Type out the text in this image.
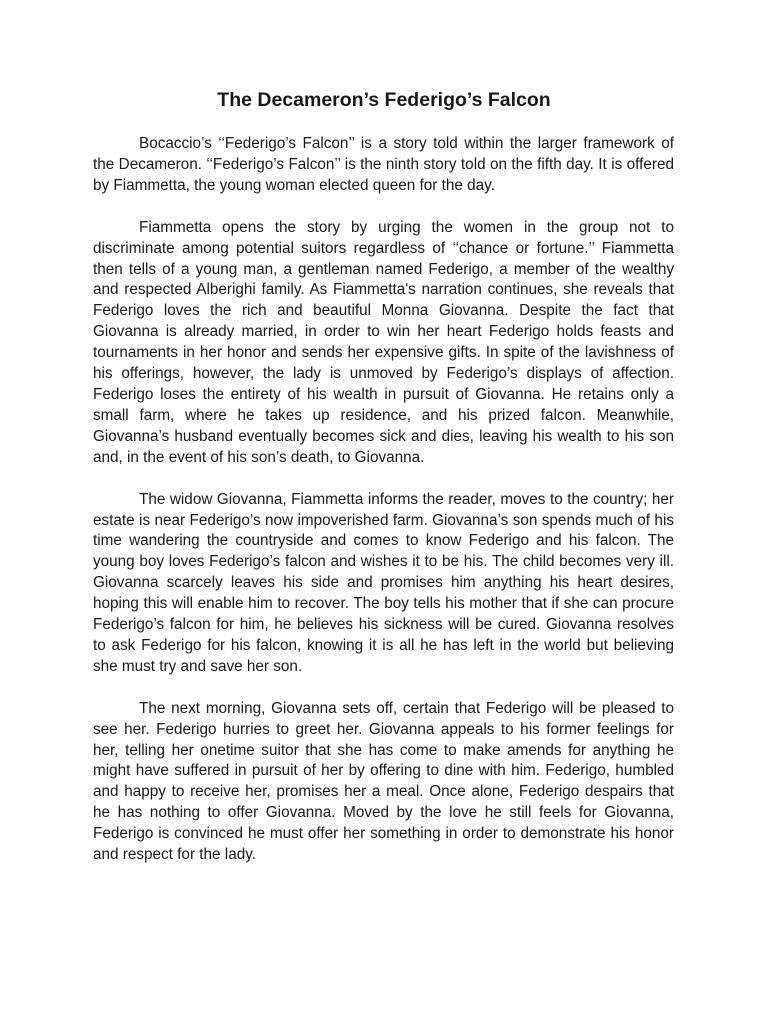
The Decameron’s Federigo’s Falcon

Bocaccio’s ‘‘Federigo’s Falcon’’ is a story told within the larger framework of the Decameron. ‘‘Federigo’s Falcon’’ is the ninth story told on the fifth day. It is offered by Fiammetta, the young woman elected queen for the day.

Fiammetta opens the story by urging the women in the group not to discriminate among potential suitors regardless of ‘‘chance or fortune.’’ Fiammetta then tells of a young man, a gentleman named Federigo, a member of the wealthy and respected Alberighi family. As Fiammetta's narration continues, she reveals that Federigo loves the rich and beautiful Monna Giovanna. Despite the fact that Giovanna is already married, in order to win her heart Federigo holds feasts and tournaments in her honor and sends her expensive gifts. In spite of the lavishness of his offerings, however, the lady is unmoved by Federigo’s displays of affection. Federigo loses the entirety of his wealth in pursuit of Giovanna. He retains only a small farm, where he takes up residence, and his prized falcon. Meanwhile, Giovanna’s husband eventually becomes sick and dies, leaving his wealth to his son and, in the event of his son’s death, to Giovanna.

The widow Giovanna, Fiammetta informs the reader, moves to the country; her estate is near Federigo’s now impoverished farm. Giovanna’s son spends much of his time wandering the countryside and comes to know Federigo and his falcon. The young boy loves Federigo’s falcon and wishes it to be his. The child becomes very ill. Giovanna scarcely leaves his side and promises him anything his heart desires, hoping this will enable him to recover. The boy tells his mother that if she can procure Federigo’s falcon for him, he believes his sickness will be cured. Giovanna resolves to ask Federigo for his falcon, knowing it is all he has left in the world but believing she must try and save her son.

The next morning, Giovanna sets off, certain that Federigo will be pleased to see her. Federigo hurries to greet her. Giovanna appeals to his former feelings for her, telling her onetime suitor that she has come to make amends for anything he might have suffered in pursuit of her by offering to dine with him. Federigo, humbled and happy to receive her, promises her a meal. Once alone, Federigo despairs that he has nothing to offer Giovanna. Moved by the love he still feels for Giovanna, Federigo is convinced he must offer her something in order to demonstrate his honor and respect for the lady.
